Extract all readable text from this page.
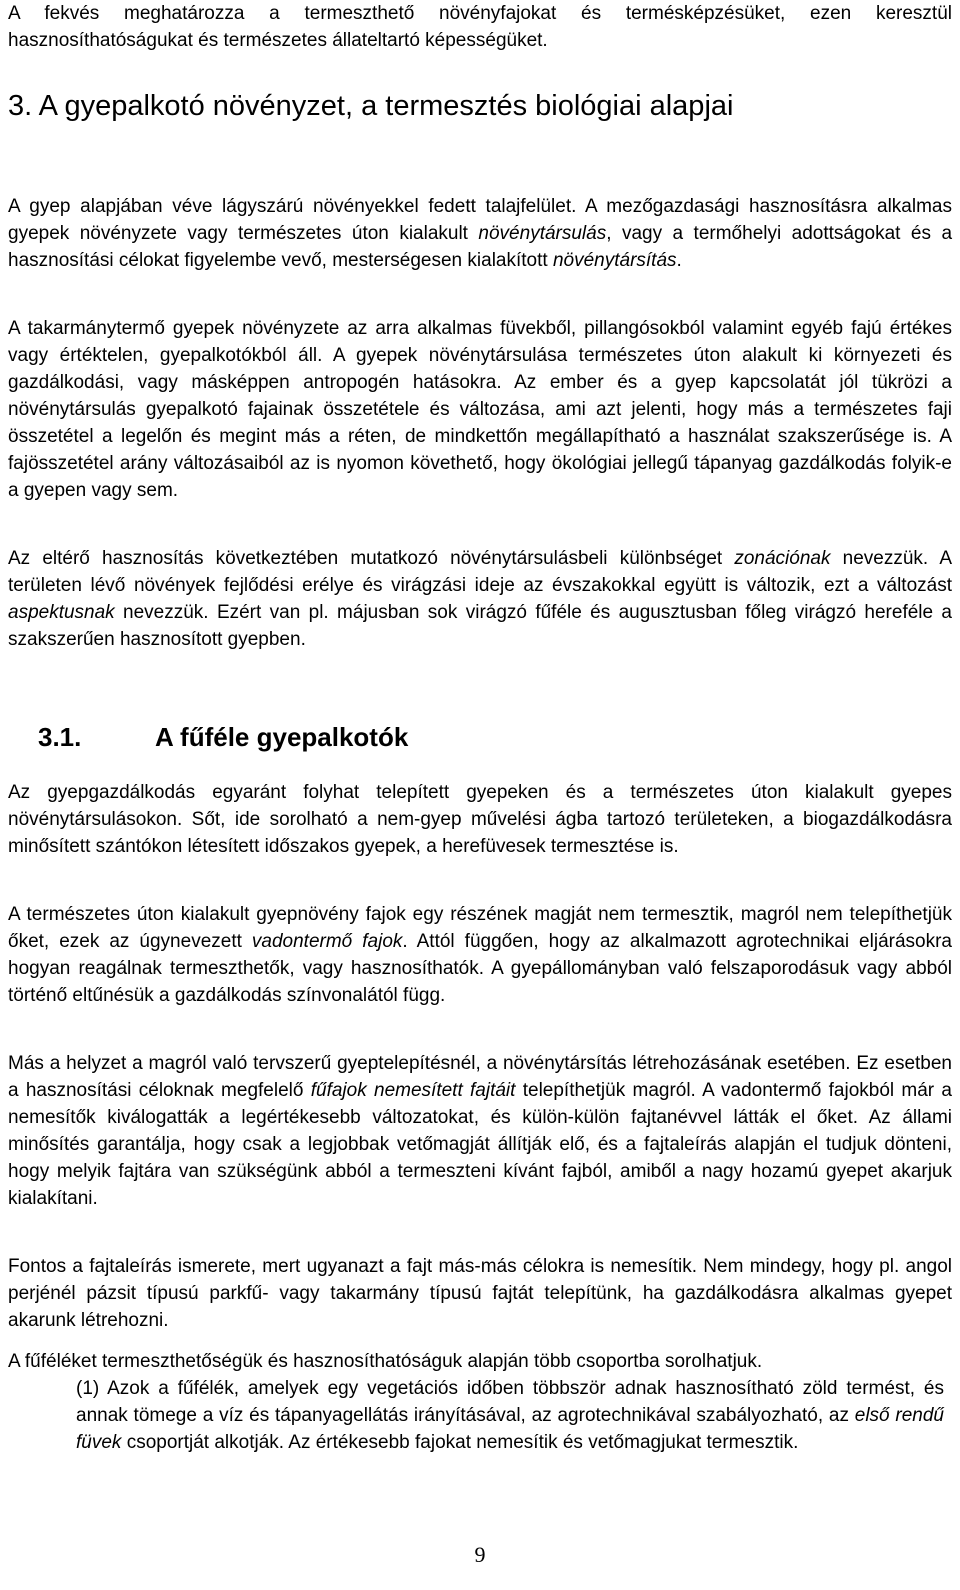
A fekvés meghatározza a termeszthető növényfajokat és termésképzésüket, ezen keresztül hasznosíthatóságukat és természetes állateltartó képességüket.
3. A gyepalkotó növényzet, a termesztés biológiai alapjai
A gyep alapjában véve lágyszárú növényekkel fedett talajfelület. A mezőgazdasági hasznosításra alkalmas gyepek növényzete vagy természetes úton kialakult növénytársulás, vagy a termőhelyi adottságokat és a hasznosítási célokat figyelembe vevő, mesterségesen kialakított növénytársítás.
A takarmánytermő gyepek növényzete az arra alkalmas füvekből, pillangósokból valamint egyéb fajú értékes vagy értéktelen, gyepalkotókból áll. A gyepek növénytársulása természetes úton alakult ki környezeti és gazdálkodási, vagy másképpen antropogén hatásokra. Az ember és a gyep kapcsolatát jól tükrözi a növénytársulás gyepalkotó fajainak összetétele és változása, ami azt jelenti, hogy más a természetes faji összetétel a legelőn és megint más a réten, de mindkettőn megállapítható a használat szakszerűsége is. A fajösszetétel arány változásaiból az is nyomon követhető, hogy ökológiai jellegű tápanyag gazdálkodás folyik-e a gyepen vagy sem.
Az eltérő hasznosítás következtében mutatkozó növénytársulásbeli különbséget zonációnak nevezzük. A területen lévő növények fejlődési erélye és virágzási ideje az évszakokkal együtt is változik, ezt a változást aspektusnak nevezzük. Ezért van pl. májusban sok virágzó fűféle és augusztusban főleg virágzó hereféle a szakszerűen hasznosított gyepben.
3.1.	A fűféle gyepalkotók
Az gyepgazdálkodás egyaránt folyhat telepített gyepeken és a természetes úton kialakult gyepes növénytársulásokon. Sőt, ide sorolható a nem-gyep művelési ágba tartozó területeken, a biogazdálkodásra minősített szántókon létesített időszakos gyepek, a herefüvesek termesztése is.
A természetes úton kialakult gyepnövény fajok egy részének magját nem termesztik, magról nem telepíthetjük őket, ezek az úgynevezett vadontermő fajok. Attól függően, hogy az alkalmazott agrotechnikai eljárásokra hogyan reagálnak termeszthetők, vagy hasznosíthatók. A gyepállományban való felszaporodásuk vagy abból történő eltűnésük a gazdálkodás színvonalától függ.
Más a helyzet a magról való tervszerű gyeptelepítésnél, a növénytársítás létrehozásának esetében. Ez esetben a hasznosítási céloknak megfelelő fűfajok nemesített fajtáit telepíthetjük magról. A vadontermő fajokból már a nemesítők kiválogatták a legértékesebb változatokat, és külön-külön fajtanévvel látták el őket. Az állami minősítés garantálja, hogy csak a legjobbak vetőmagját állítják elő, és a fajtaleírás alapján el tudjuk dönteni, hogy melyik fajtára van szükségünk abból a termeszteni kívánt fajból, amiből a nagy hozamú gyepet akarjuk kialakítani.
Fontos a fajtaleírás ismerete, mert ugyanazt a fajt más-más célokra is nemesítik. Nem mindegy, hogy pl. angol perjénél pázsit típusú parkfű- vagy takarmány típusú fajtát telepítünk, ha gazdálkodásra alkalmas gyepet akarunk létrehozni.
A fűféléket termeszthetőségük és hasznosíthatóságuk alapján több csoportba sorolhatjuk.
(1) Azok a fűfélék, amelyek egy vegetációs időben többször adnak hasznosítható zöld termést, és annak tömege a víz és tápanyagellátás irányításával, az agrotechnikával szabályozható, az első rendű füvek csoportját alkotják. Az értékesebb fajokat nemesítik és vetőmagjukat termesztik.
9
